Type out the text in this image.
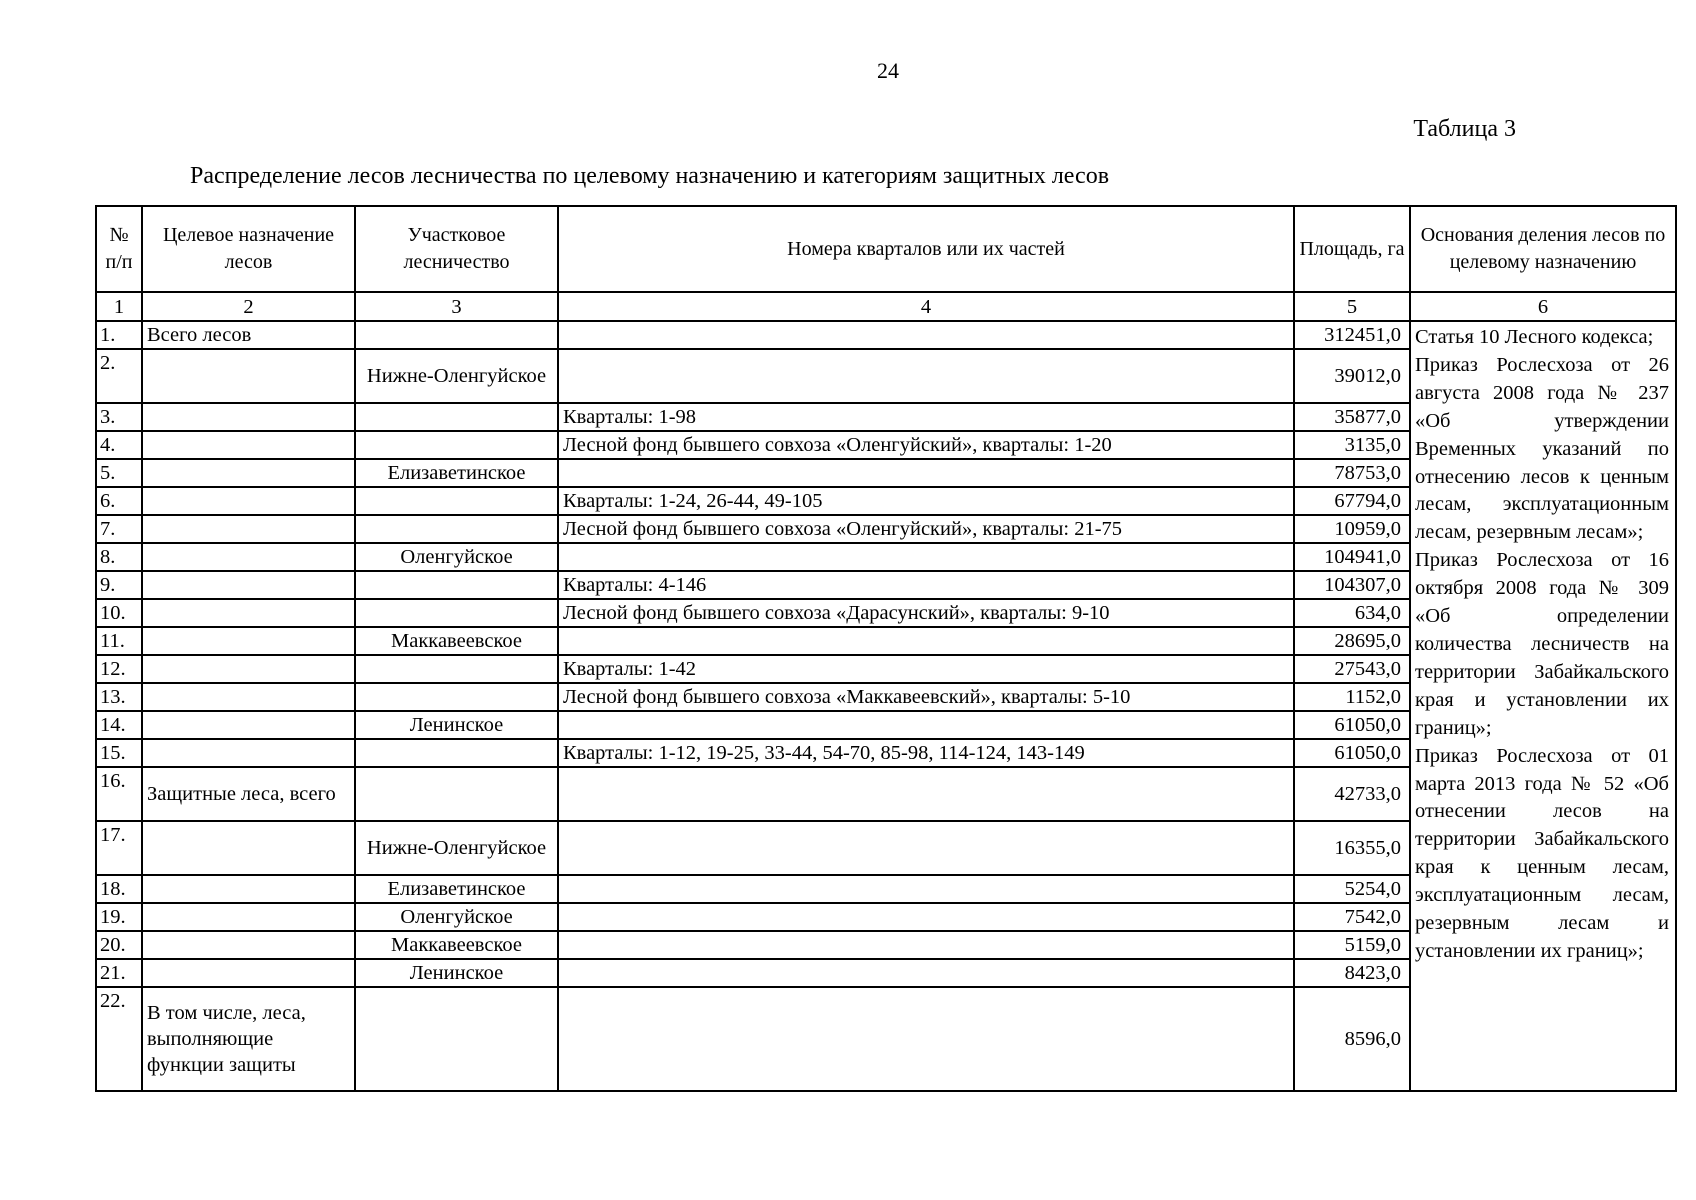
24
Таблица 3
Распределение лесов лесничества по целевому назначению и категориям защитных лесов
№ п/п	Целевое назначение лесов	Участковое лесничество	Номера кварталов или их частей	Площадь, га	Основания деления лесов по целевому назначению
1	2	3	4	5	6
1.	Всего лесов			312451,0	Статья 10 Лесного кодекса;

Приказ Рослесхоза от 26 августа 2008 года № 237 «Об утверждении Временных указаний по отнесению лесов к ценным лесам, эксплуатационным лесам, резервным лесам»;

Приказ Рослесхоза от 16 октября 2008 года № 309 «Об определении количества лесничеств на территории Забайкальского края и установлении их границ»;

Приказ Рослесхоза от 01 марта 2013 года № 52 «Об отнесении лесов на территории Забайкальского края к ценным лесам, эксплуатационным лесам, резервным лесам и установлении их границ»;

2.		Нижне-Оленгуйское		39012,0	
3.			Кварталы: 1-98	35877,0	
4.			Лесной фонд бывшего совхоза «Оленгуйский», кварталы: 1-20	3135,0	
5.		Елизаветинское		78753,0	
6.			Кварталы: 1-24, 26-44, 49-105	67794,0	
7.			Лесной фонд бывшего совхоза «Оленгуйский», кварталы: 21-75	10959,0	
8.		Оленгуйское		104941,0	
9.			Кварталы: 4-146	104307,0	
10.			Лесной фонд бывшего совхоза «Дарасунский», кварталы: 9-10	634,0	
11.		Маккавеевское		28695,0	
12.			Кварталы: 1-42	27543,0	
13.			Лесной фонд бывшего совхоза «Маккавеевский», кварталы: 5-10	1152,0	
14.		Ленинское		61050,0	
15.			Кварталы: 1-12, 19-25, 33-44, 54-70, 85-98, 114-124, 143-149	61050,0	
16.	Защитные леса, всего			42733,0	
17.		Нижне-Оленгуйское		16355,0	
18.		Елизаветинское		5254,0	
19.		Оленгуйское		7542,0	
20.		Маккавеевское		5159,0	
21.		Ленинское		8423,0	
22.	В том числе, леса, выполняющие функции защиты			8596,0	
